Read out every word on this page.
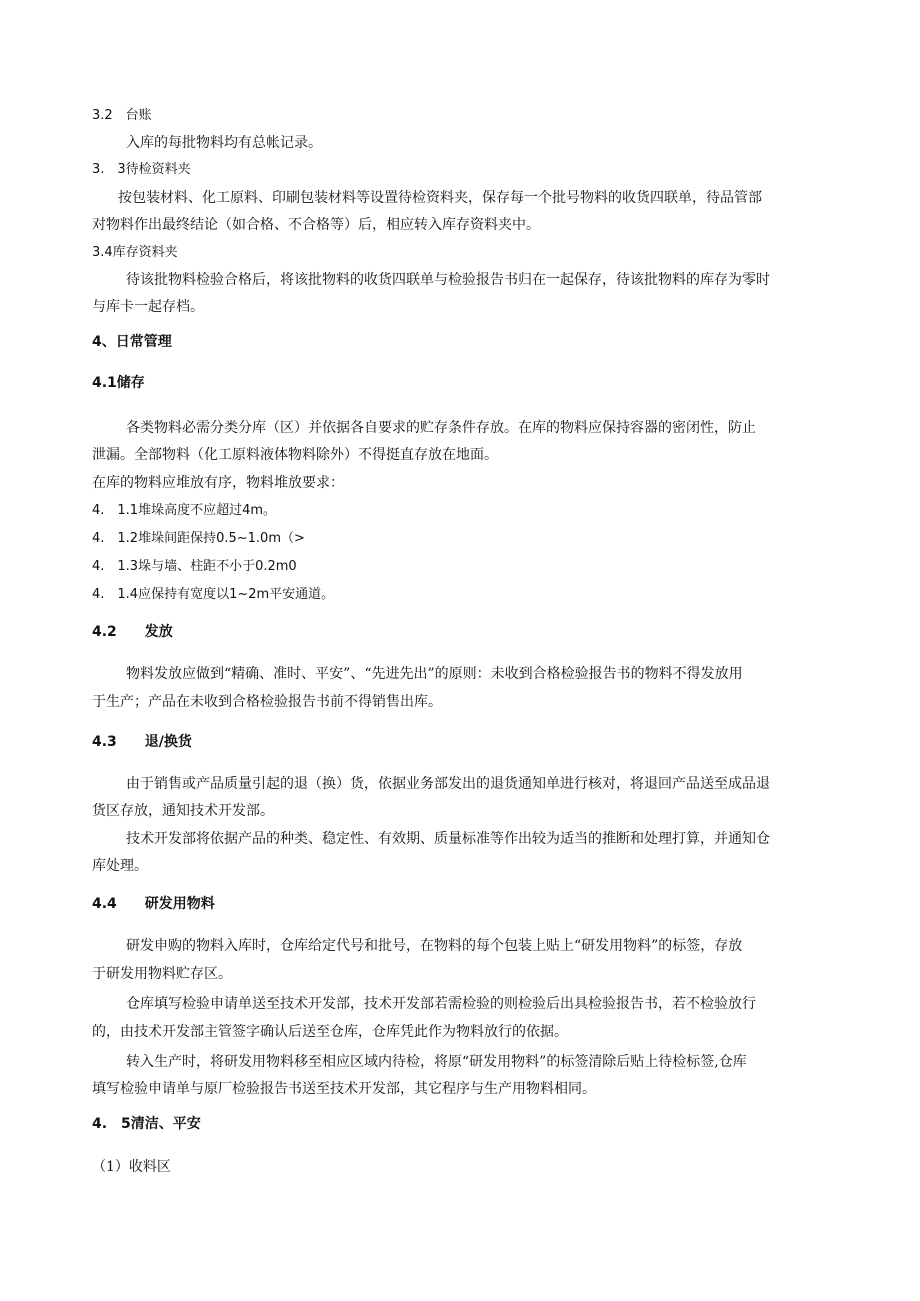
3.2　台账
入库的每批物料均有总帐记录。
3.　3待检资料夹
按包装材料、化工原料、印刷包装材料等设置待检资料夹，保存每一个批号物料的收货四联单，待品管部
对物料作出最终结论（如合格、不合格等）后，相应转入库存资料夹中。
3.4库存资料夹
待该批物料检验合格后，将该批物料的收货四联单与检验报告书归在一起保存，待该批物料的库存为零时
与库卡一起存档。
4、日常管理
4.1储存
各类物料必需分类分库（区）并依据各自要求的贮存条件存放。在库的物料应保持容器的密闭性，防止
泄漏。全部物料（化工原料液体物料除外）不得挺直存放在地面。
在库的物料应堆放有序，物料堆放要求：
4.　1.1堆垛高度不应超过4m。
4.　1.2堆垛间距保持0.5~1.0m（>
4.　1.3垛与墙、柱距不小于0.2m0
4.　1.4应保持有宽度以1~2m平安通道。
4.2　　发放
物料发放应做到“精确、准时、平安”、“先进先出”的原则：未收到合格检验报告书的物料不得发放用
于生产；产品在未收到合格检验报告书前不得销售出库。
4.3　　退/换货
由于销售或产品质量引起的退（换）货，依据业务部发出的退货通知单进行核对，将退回产品送至成品退
货区存放，通知技术开发部。
技术开发部将依据产品的种类、稳定性、有效期、质量标准等作出较为适当的推断和处理打算，并通知仓
库处理。
4.4　　研发用物料
研发申购的物料入库时，仓库给定代号和批号，在物料的每个包装上贴上“研发用物料”的标签，存放
于研发用物料贮存区。
仓库填写检验申请单送至技术开发部，技术开发部若需检验的则检验后出具检验报告书，若不检验放行
的，由技术开发部主管签字确认后送至仓库，仓库凭此作为物料放行的依据。
转入生产时，将研发用物料移至相应区域内待检，将原“研发用物料”的标签清除后贴上待检标签,仓库
填写检验申请单与原厂检验报告书送至技术开发部，其它程序与生产用物料相同。
4.　5清洁、平安
（1）收料区
